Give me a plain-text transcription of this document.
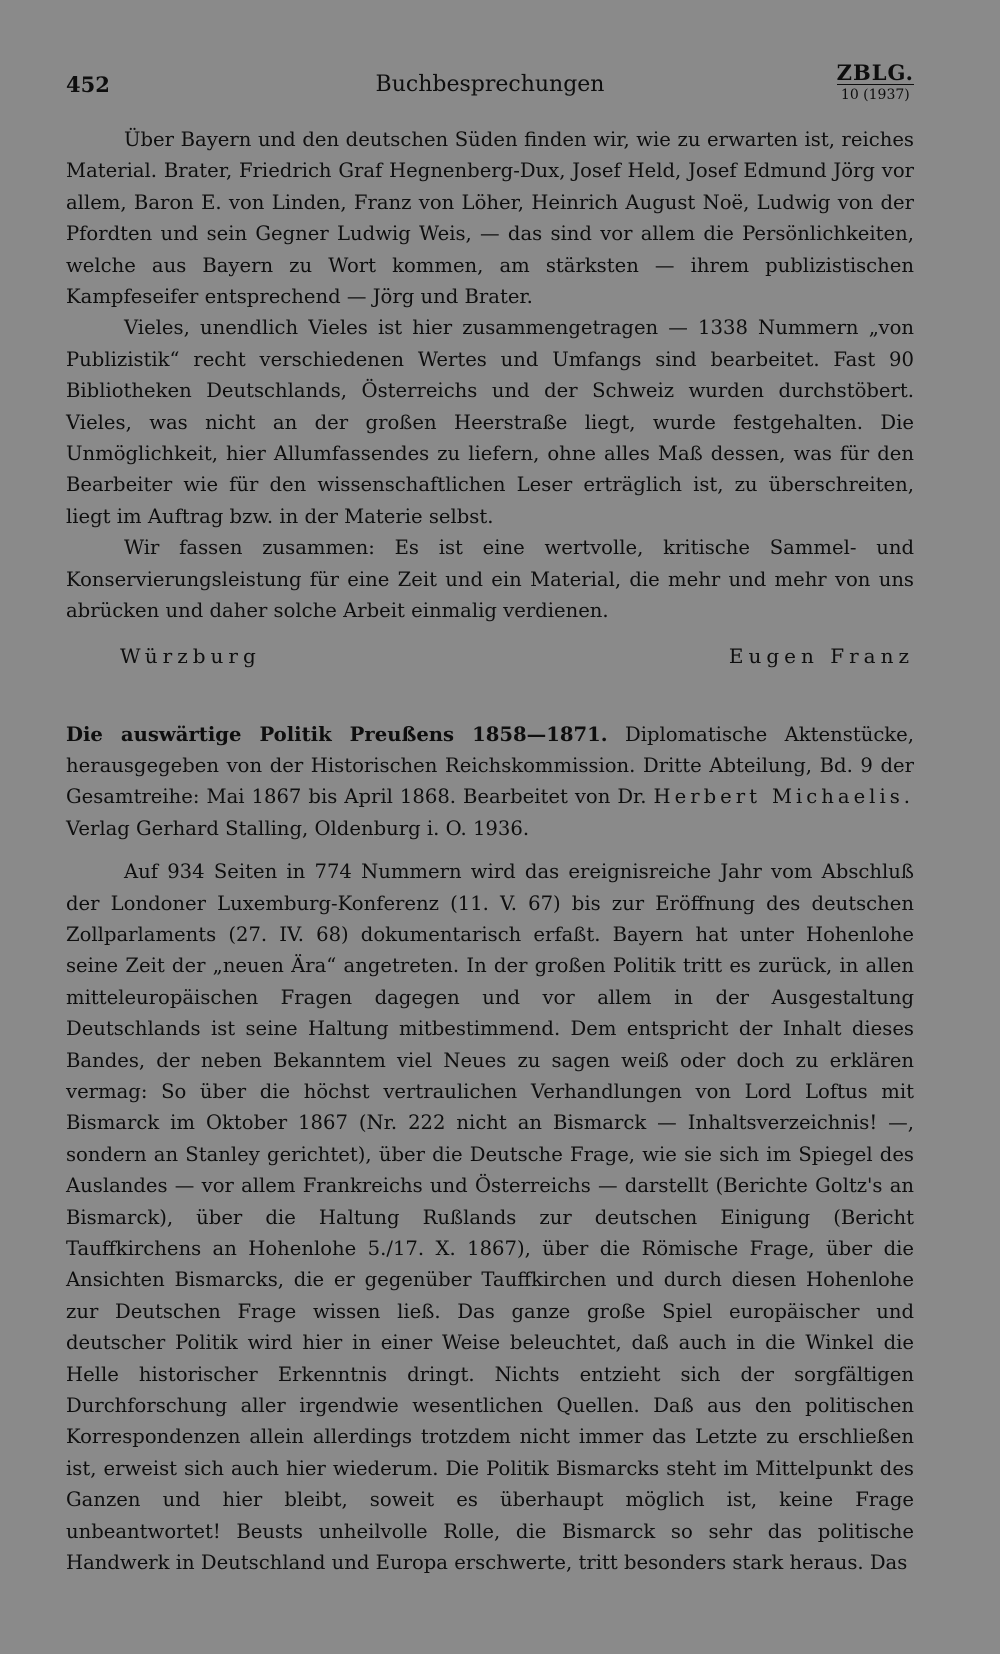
452	Buchbesprechungen	ZBLG.
10 (1937)

Über Bayern und den deutschen Süden finden wir, wie zu erwarten ist, reiches Material. Brater, Friedrich Graf Hegnenberg-Dux, Josef Held, Josef Edmund Jörg vor allem, Baron E. von Linden, Franz von Löher, Heinrich August Noë, Ludwig von der Pfordten und sein Gegner Ludwig Weis, — das sind vor allem die Persönlichkeiten, welche aus Bayern zu Wort kommen, am stärksten — ihrem publizistischen Kampfeseifer entsprechend — Jörg und Brater.

Vieles, unendlich Vieles ist hier zusammengetragen — 1338 Nummern „von Publizistik“ recht verschiedenen Wertes und Umfangs sind bearbeitet. Fast 90 Bibliotheken Deutschlands, Österreichs und der Schweiz wurden durchstöbert. Vieles, was nicht an der großen Heerstraße liegt, wurde festgehalten. Die Unmöglichkeit, hier Allumfassendes zu liefern, ohne alles Maß dessen, was für den Bearbeiter wie für den wissenschaftlichen Leser erträglich ist, zu überschreiten, liegt im Auftrag bzw. in der Materie selbst.

Wir fassen zusammen: Es ist eine wertvolle, kritische Sammel- und Konservierungsleistung für eine Zeit und ein Material, die mehr und mehr von uns abrücken und daher solche Arbeit einmalig verdienen.

Würzburg	Eugen Franz
Die auswärtige Politik Preußens 1858—1871. Diplomatische Aktenstücke, herausgegeben von der Historischen Reichskommission. Dritte Abteilung, Bd. 9 der Gesamtreihe: Mai 1867 bis April 1868. Bearbeitet von Dr. Herbert Michaelis. Verlag Gerhard Stalling, Oldenburg i. O. 1936.

Auf 934 Seiten in 774 Nummern wird das ereignisreiche Jahr vom Abschluß der Londoner Luxemburg-Konferenz (11. V. 67) bis zur Eröffnung des deutschen Zollparlaments (27. IV. 68) dokumentarisch erfaßt. Bayern hat unter Hohenlohe seine Zeit der „neuen Ära“ angetreten. In der großen Politik tritt es zurück, in allen mitteleuropäischen Fragen dagegen und vor allem in der Ausgestaltung Deutschlands ist seine Haltung mitbestimmend. Dem entspricht der Inhalt dieses Bandes, der neben Bekanntem viel Neues zu sagen weiß oder doch zu erklären vermag: So über die höchst vertraulichen Verhandlungen von Lord Loftus mit Bismarck im Oktober 1867 (Nr. 222 nicht an Bismarck — Inhaltsverzeichnis! —, sondern an Stanley gerichtet), über die Deutsche Frage, wie sie sich im Spiegel des Auslandes — vor allem Frankreichs und Österreichs — darstellt (Berichte Goltz's an Bismarck), über die Haltung Rußlands zur deutschen Einigung (Bericht Tauffkirchens an Hohenlohe 5./17. X. 1867), über die Römische Frage, über die Ansichten Bismarcks, die er gegenüber Tauffkirchen und durch diesen Hohenlohe zur Deutschen Frage wissen ließ. Das ganze große Spiel europäischer und deutscher Politik wird hier in einer Weise beleuchtet, daß auch in die Winkel die Helle historischer Erkenntnis dringt. Nichts entzieht sich der sorgfältigen Durchforschung aller irgendwie wesentlichen Quellen. Daß aus den politischen Korrespondenzen allein allerdings trotzdem nicht immer das Letzte zu erschließen ist, erweist sich auch hier wiederum. Die Politik Bismarcks steht im Mittelpunkt des Ganzen und hier bleibt, soweit es überhaupt möglich ist, keine Frage unbeantwortet! Beusts unheilvolle Rolle, die Bismarck so sehr das politische Handwerk in Deutschland und Europa erschwerte, tritt besonders stark heraus. Das
